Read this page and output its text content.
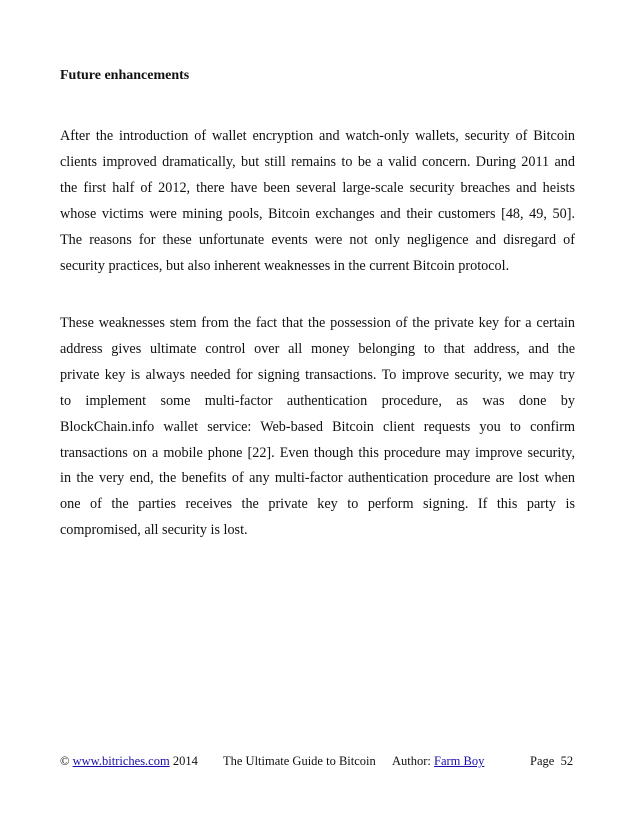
Future enhancements
After the introduction of wallet encryption and watch-only wallets, security of Bitcoin
clients improved dramatically, but still remains to be a valid concern. During 2011 and
the first half of 2012, there have been several large-scale security breaches and heists
whose victims were mining pools, Bitcoin exchanges and their customers [48, 49, 50].
The reasons for these unfortunate events were not only negligence and disregard of
security practices, but also inherent weaknesses in the current Bitcoin protocol.
These weaknesses stem from the fact that the possession of the private key for a certain
address gives ultimate control over all money belonging to that address, and the
private key is always needed for signing transactions. To improve security, we may try
to implement some multi-factor authentication procedure, as was done by
BlockChain.info wallet service: Web-based Bitcoin client requests you to confirm
transactions on a mobile phone [22]. Even though this procedure may improve security,
in the very end, the benefits of any multi-factor authentication procedure are lost when
one of the parties receives the private key to perform signing. If this party is
compromised, all security is lost.
© www.bitriches.com 2014 The Ultimate Guide to Bitcoin Author: Farm Boy	Page 52
